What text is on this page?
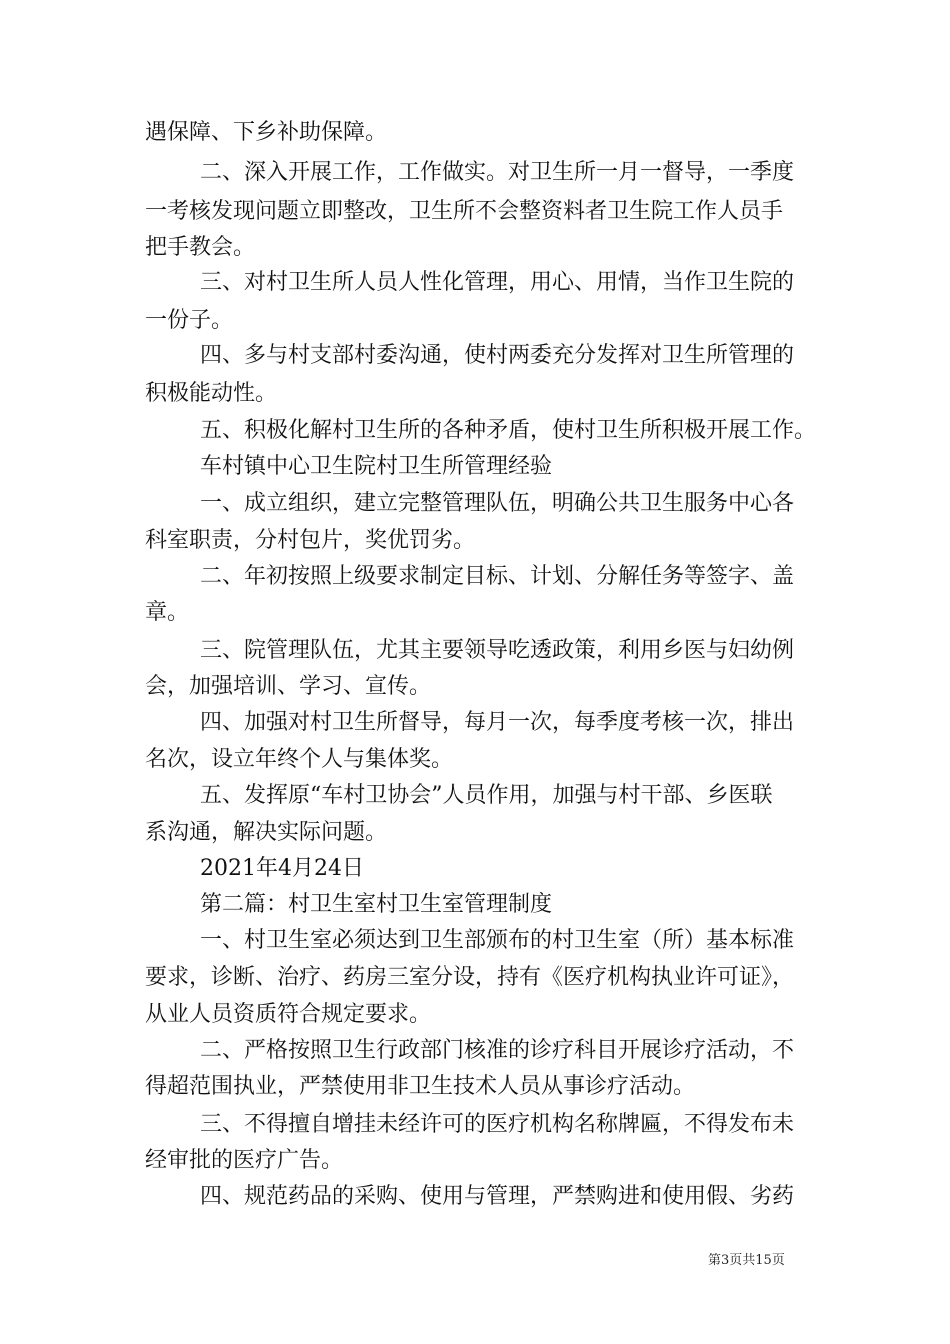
遇保障、下乡补助保障。
二、深入开展工作，工作做实。对卫生所一月一督导，一季度
一考核发现问题立即整改，卫生所不会整资料者卫生院工作人员手
把手教会。
三、对村卫生所人员人性化管理，用心、用情，当作卫生院的
一份子。
四、多与村支部村委沟通，使村两委充分发挥对卫生所管理的
积极能动性。
五、积极化解村卫生所的各种矛盾，使村卫生所积极开展工作。
车村镇中心卫生院村卫生所管理经验
一、成立组织，建立完整管理队伍，明确公共卫生服务中心各
科室职责，分村包片，奖优罚劣。
二、年初按照上级要求制定目标、计划、分解任务等签字、盖
章。
三、院管理队伍，尤其主要领导吃透政策，利用乡医与妇幼例
会，加强培训、学习、宣传。
四、加强对村卫生所督导，每月一次，每季度考核一次，排出
名次，设立年终个人与集体奖。
五、发挥原“车村卫协会”人员作用，加强与村干部、乡医联
系沟通，解决实际问题。
2021年4月24日
第二篇：村卫生室村卫生室管理制度
一、村卫生室必须达到卫生部颁布的村卫生室（所）基本标准
要求，诊断、治疗、药房三室分设，持有《医疗机构执业许可证》，
从业人员资质符合规定要求。
二、严格按照卫生行政部门核准的诊疗科目开展诊疗活动，不
得超范围执业，严禁使用非卫生技术人员从事诊疗活动。
三、不得擅自增挂未经许可的医疗机构名称牌匾，不得发布未
经审批的医疗广告。
四、规范药品的采购、使用与管理，严禁购进和使用假、劣药
第3页共15页
